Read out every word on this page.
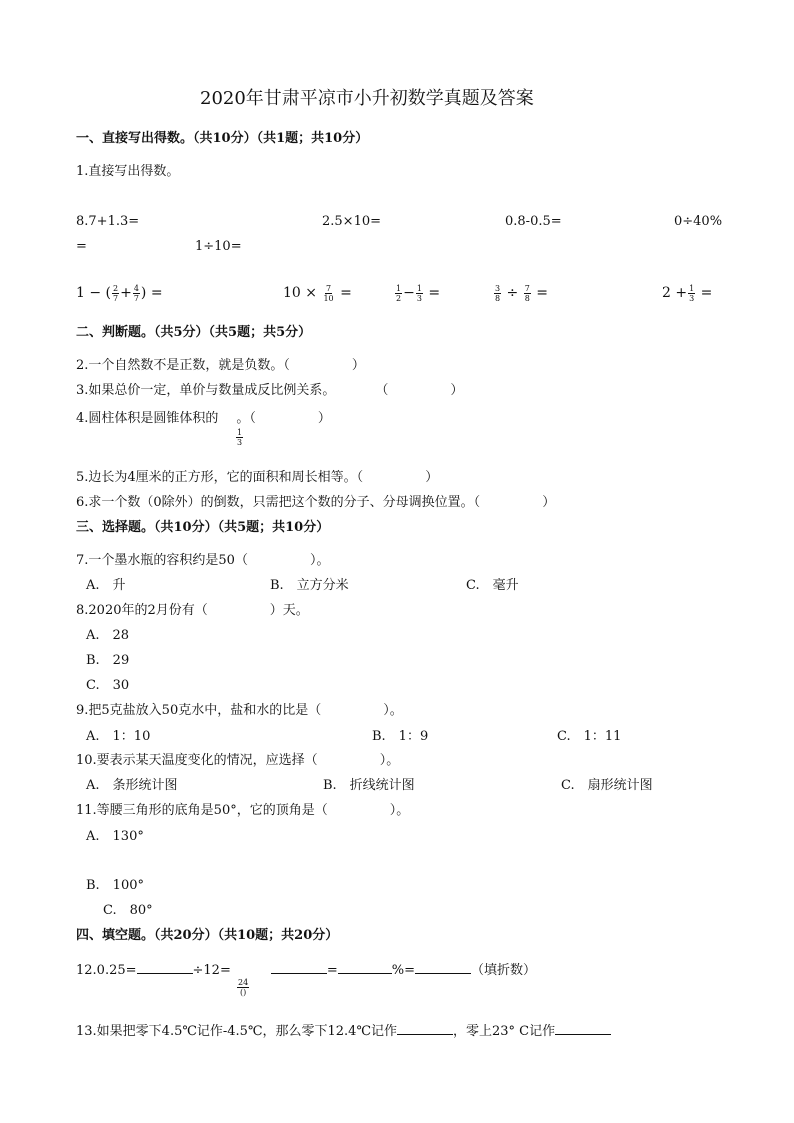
2020年甘肃平凉市小升初数学真题及答案
一、直接写出得数。（共10分）（共1题；共10分）
1.直接写出得数。
8.7+1.3=	2.5×10=	0.8-0.5=	0÷40%
=	1÷10=
1 − ( $\frac{2}{7} + \frac{4}{7}$ ) =	$10 \times \frac{7}{10}$ =	$\frac{1}{2} - \frac{1}{3}$ =	$\frac{3}{8} \div \frac{7}{8}$ =	$2 + \frac{1}{3}$ =
二、判断题。（共5分）（共5题；共5分）
2.一个自然数不是正数，就是负数。（	）
3.如果总价一定，单价与数量成反比例关系。	（	）
4.圆柱体积是圆锥体积的 。（	）
$\frac{1}{3}$
5.边长为4厘米的正方形，它的面积和周长相等。（	）
6.求一个数（0除外）的倒数，只需把这个数的分子、分母调换位置。（	）
三、选择题。（共10分）（共5题；共10分）
7.一个墨水瓶的容积约是50（	）。
A.　升	B.　立方分米	C.　毫升
8.2020年的2月份有（	）天。
A.　28
B.　29
C.　30
9.把5克盐放入50克水中，盐和水的比是（	）。
A.　1：10	B.　1：9	C.　1：11
10.要表示某天温度变化的情况，应选择（	）。
A.　条形统计图	B.　折线统计图	C.　扇形统计图
11.等腰三角形的底角是50°，它的顶角是（	）。
A.　130°
B.　100°
C.　80°
四、填空题。（共20分）（共10题；共20分）
12.0.25=	÷12=	=	%=	（填折数）
$\frac{24}{()}$
13.如果把零下4.5℃记作-4.5℃，那么零下12.4℃记作	，零上23° C记作
